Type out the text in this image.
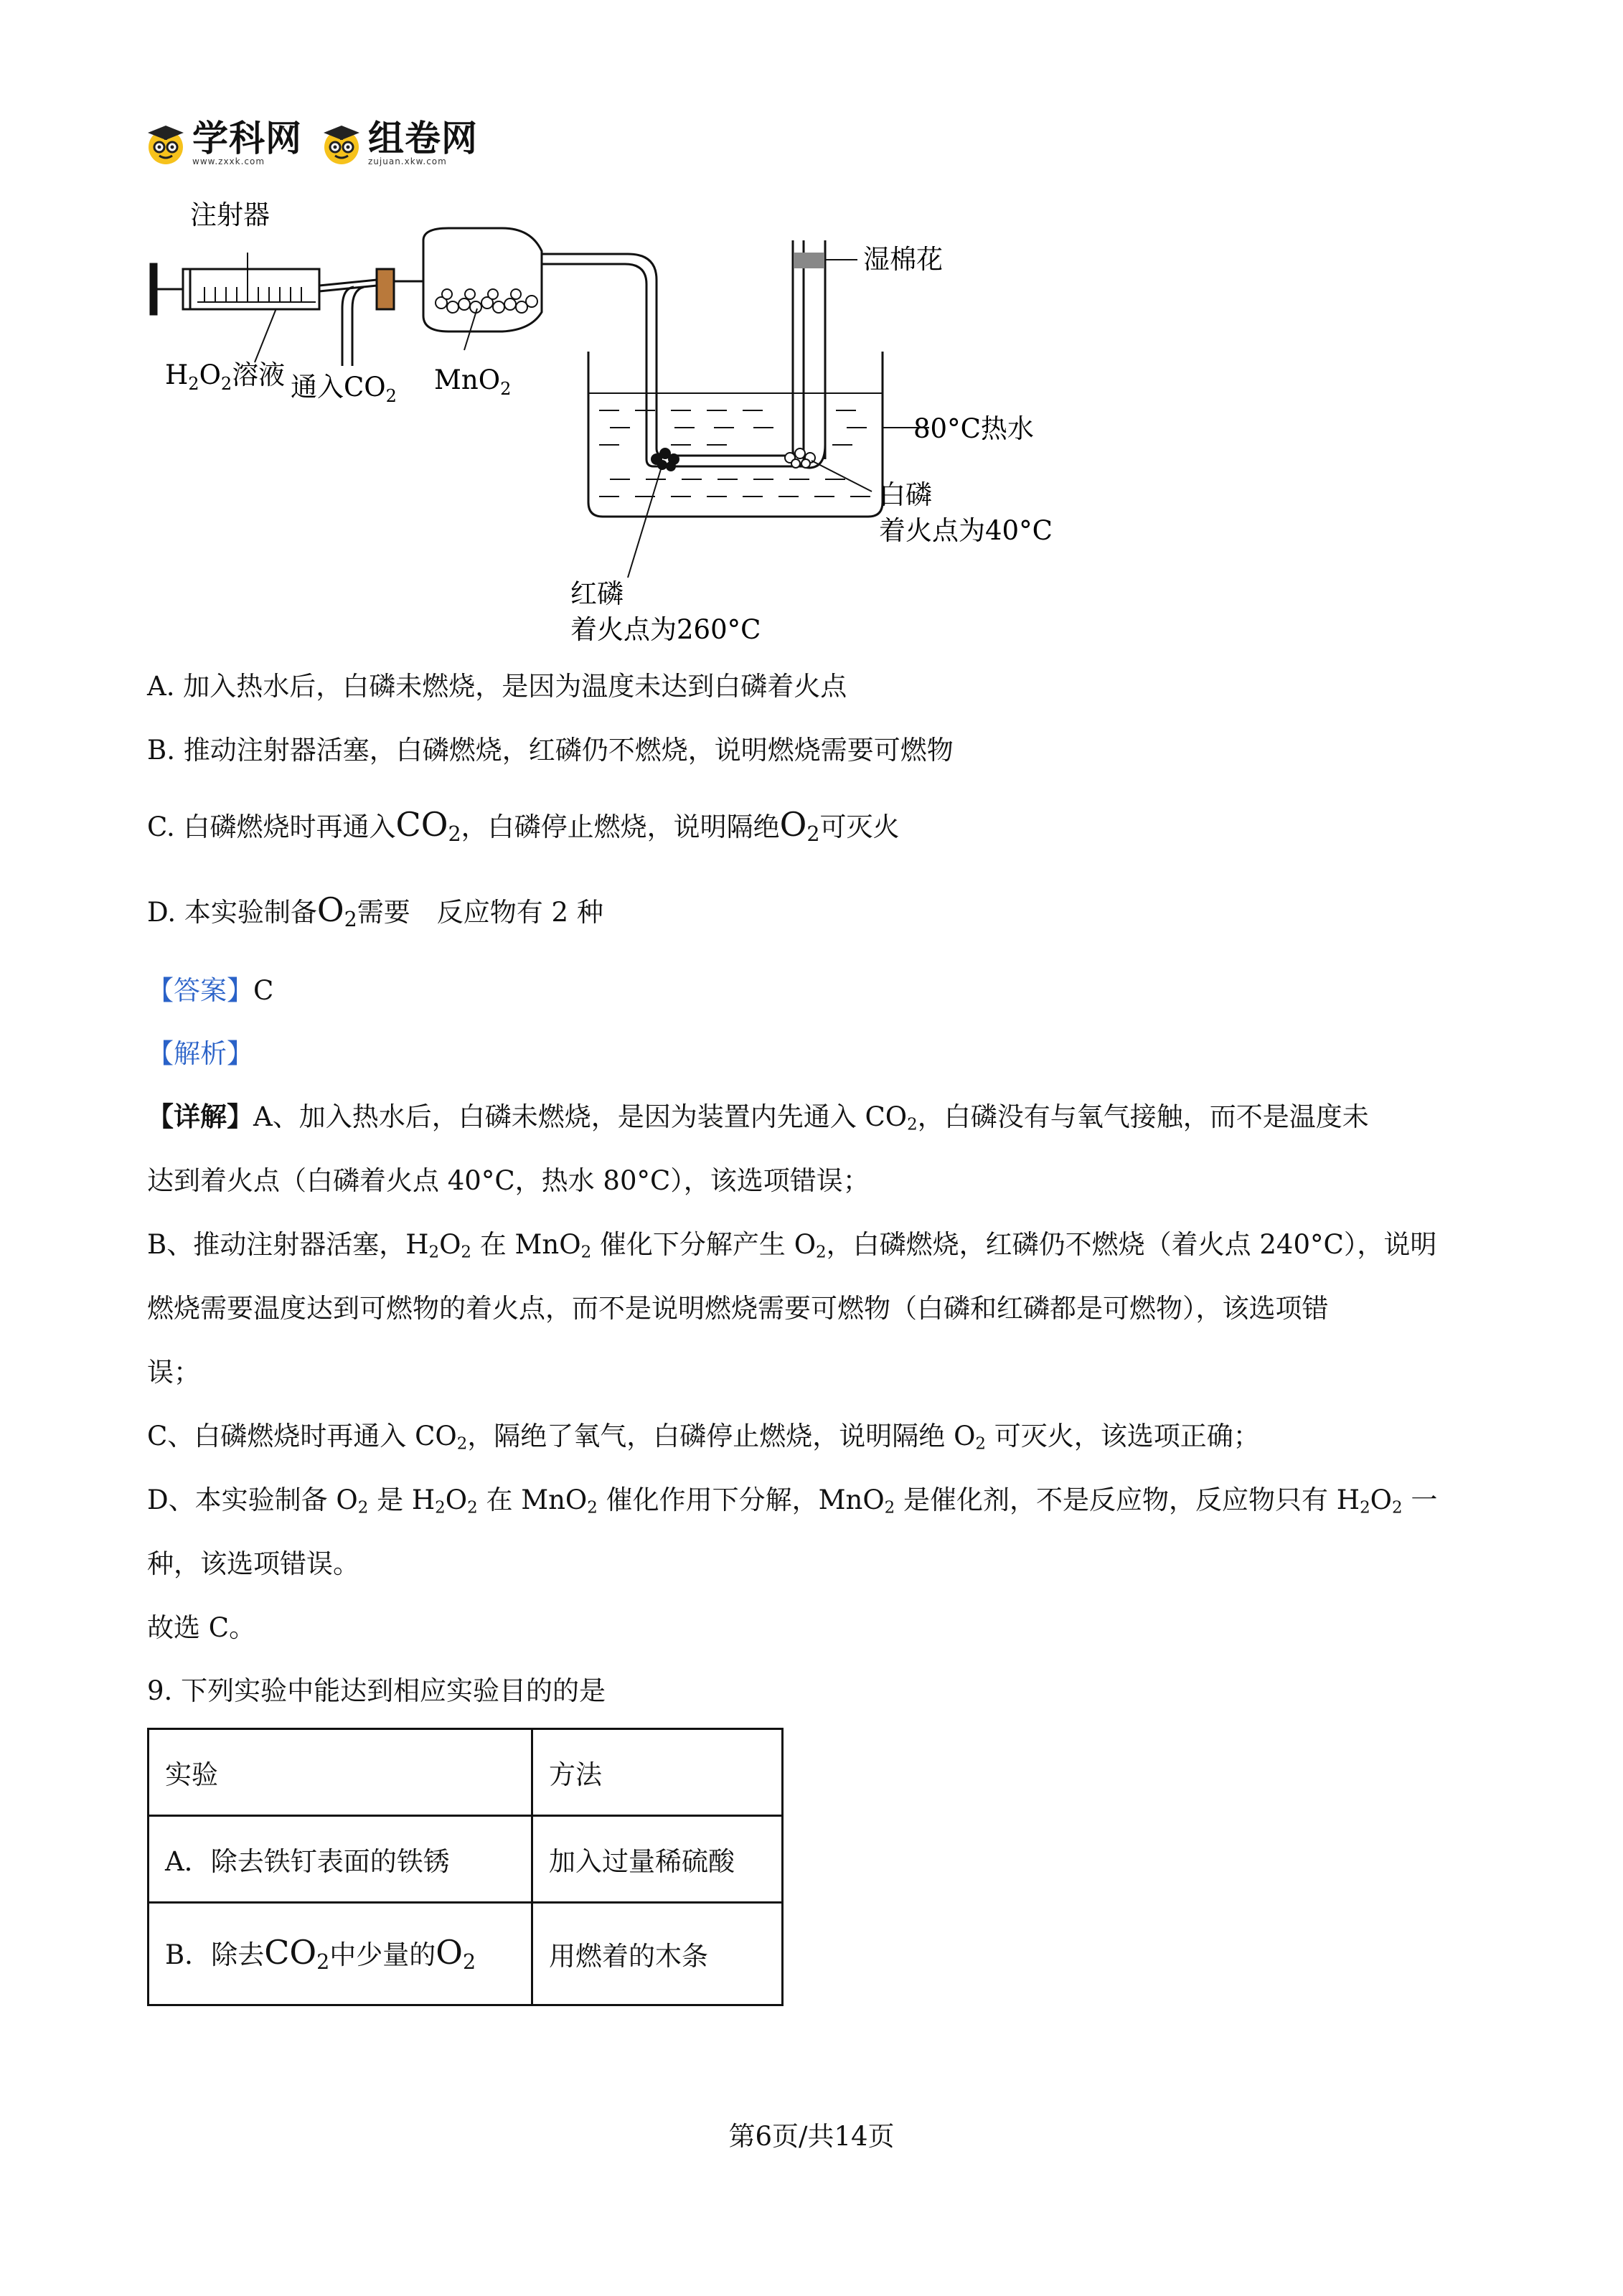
学科网
www.zxxk.com
组卷网
zujuan.xkw.com
注射器
$H_2O_2$溶液 通入$CO_2$
MnO$_2$
湿棉花
80°C热水
白磷
着火点为40°C
红磷
着火点为260°C
A. 加入热水后，白磷未燃烧，是因为温度未达到白磷着火点
B. 推动注射器活塞，白磷燃烧，红磷仍不燃烧，说明燃烧需要可燃物
C. 白磷燃烧时再通入$CO_2$，白磷停止燃烧，说明隔绝$O_2$可灭火
D. 本实验制备$O_2$需要　反应物有 2 种
【答案】C
【解析】
【详解】A、加入热水后，白磷未燃烧，是因为装置内先通入 $CO_2$，白磷没有与氧气接触，而不是温度未
达到着火点（白磷着火点 40°C，热水 80°C），该选项错误；
B、推动注射器活塞，$H_2O_2$ 在 MnO$_2$ 催化下分解产生 $O_2$，白磷燃烧，红磷仍不燃烧（着火点 240°C），说明
燃烧需要温度达到可燃物的着火点，而不是说明燃烧需要可燃物（白磷和红磷都是可燃物），该选项错
误；
C、白磷燃烧时再通入 $CO_2$，隔绝了氧气，白磷停止燃烧，说明隔绝 $O_2$ 可灭火，该选项正确；
D、本实验制备 $O_2$ 是 $H_2O_2$ 在 MnO$_2$ 催化作用下分解，MnO$_2$ 是催化剂，不是反应物，反应物只有 $H_2O_2$ 一
种，该选项错误。
故选 C。
9. 下列实验中能达到相应实验目的的是
实验	方法
A．除去铁钉表面的铁锈	加入过量稀硫酸
B．除去$CO_2$中少量的$O_2$	用燃着的木条
第6页/共14页
